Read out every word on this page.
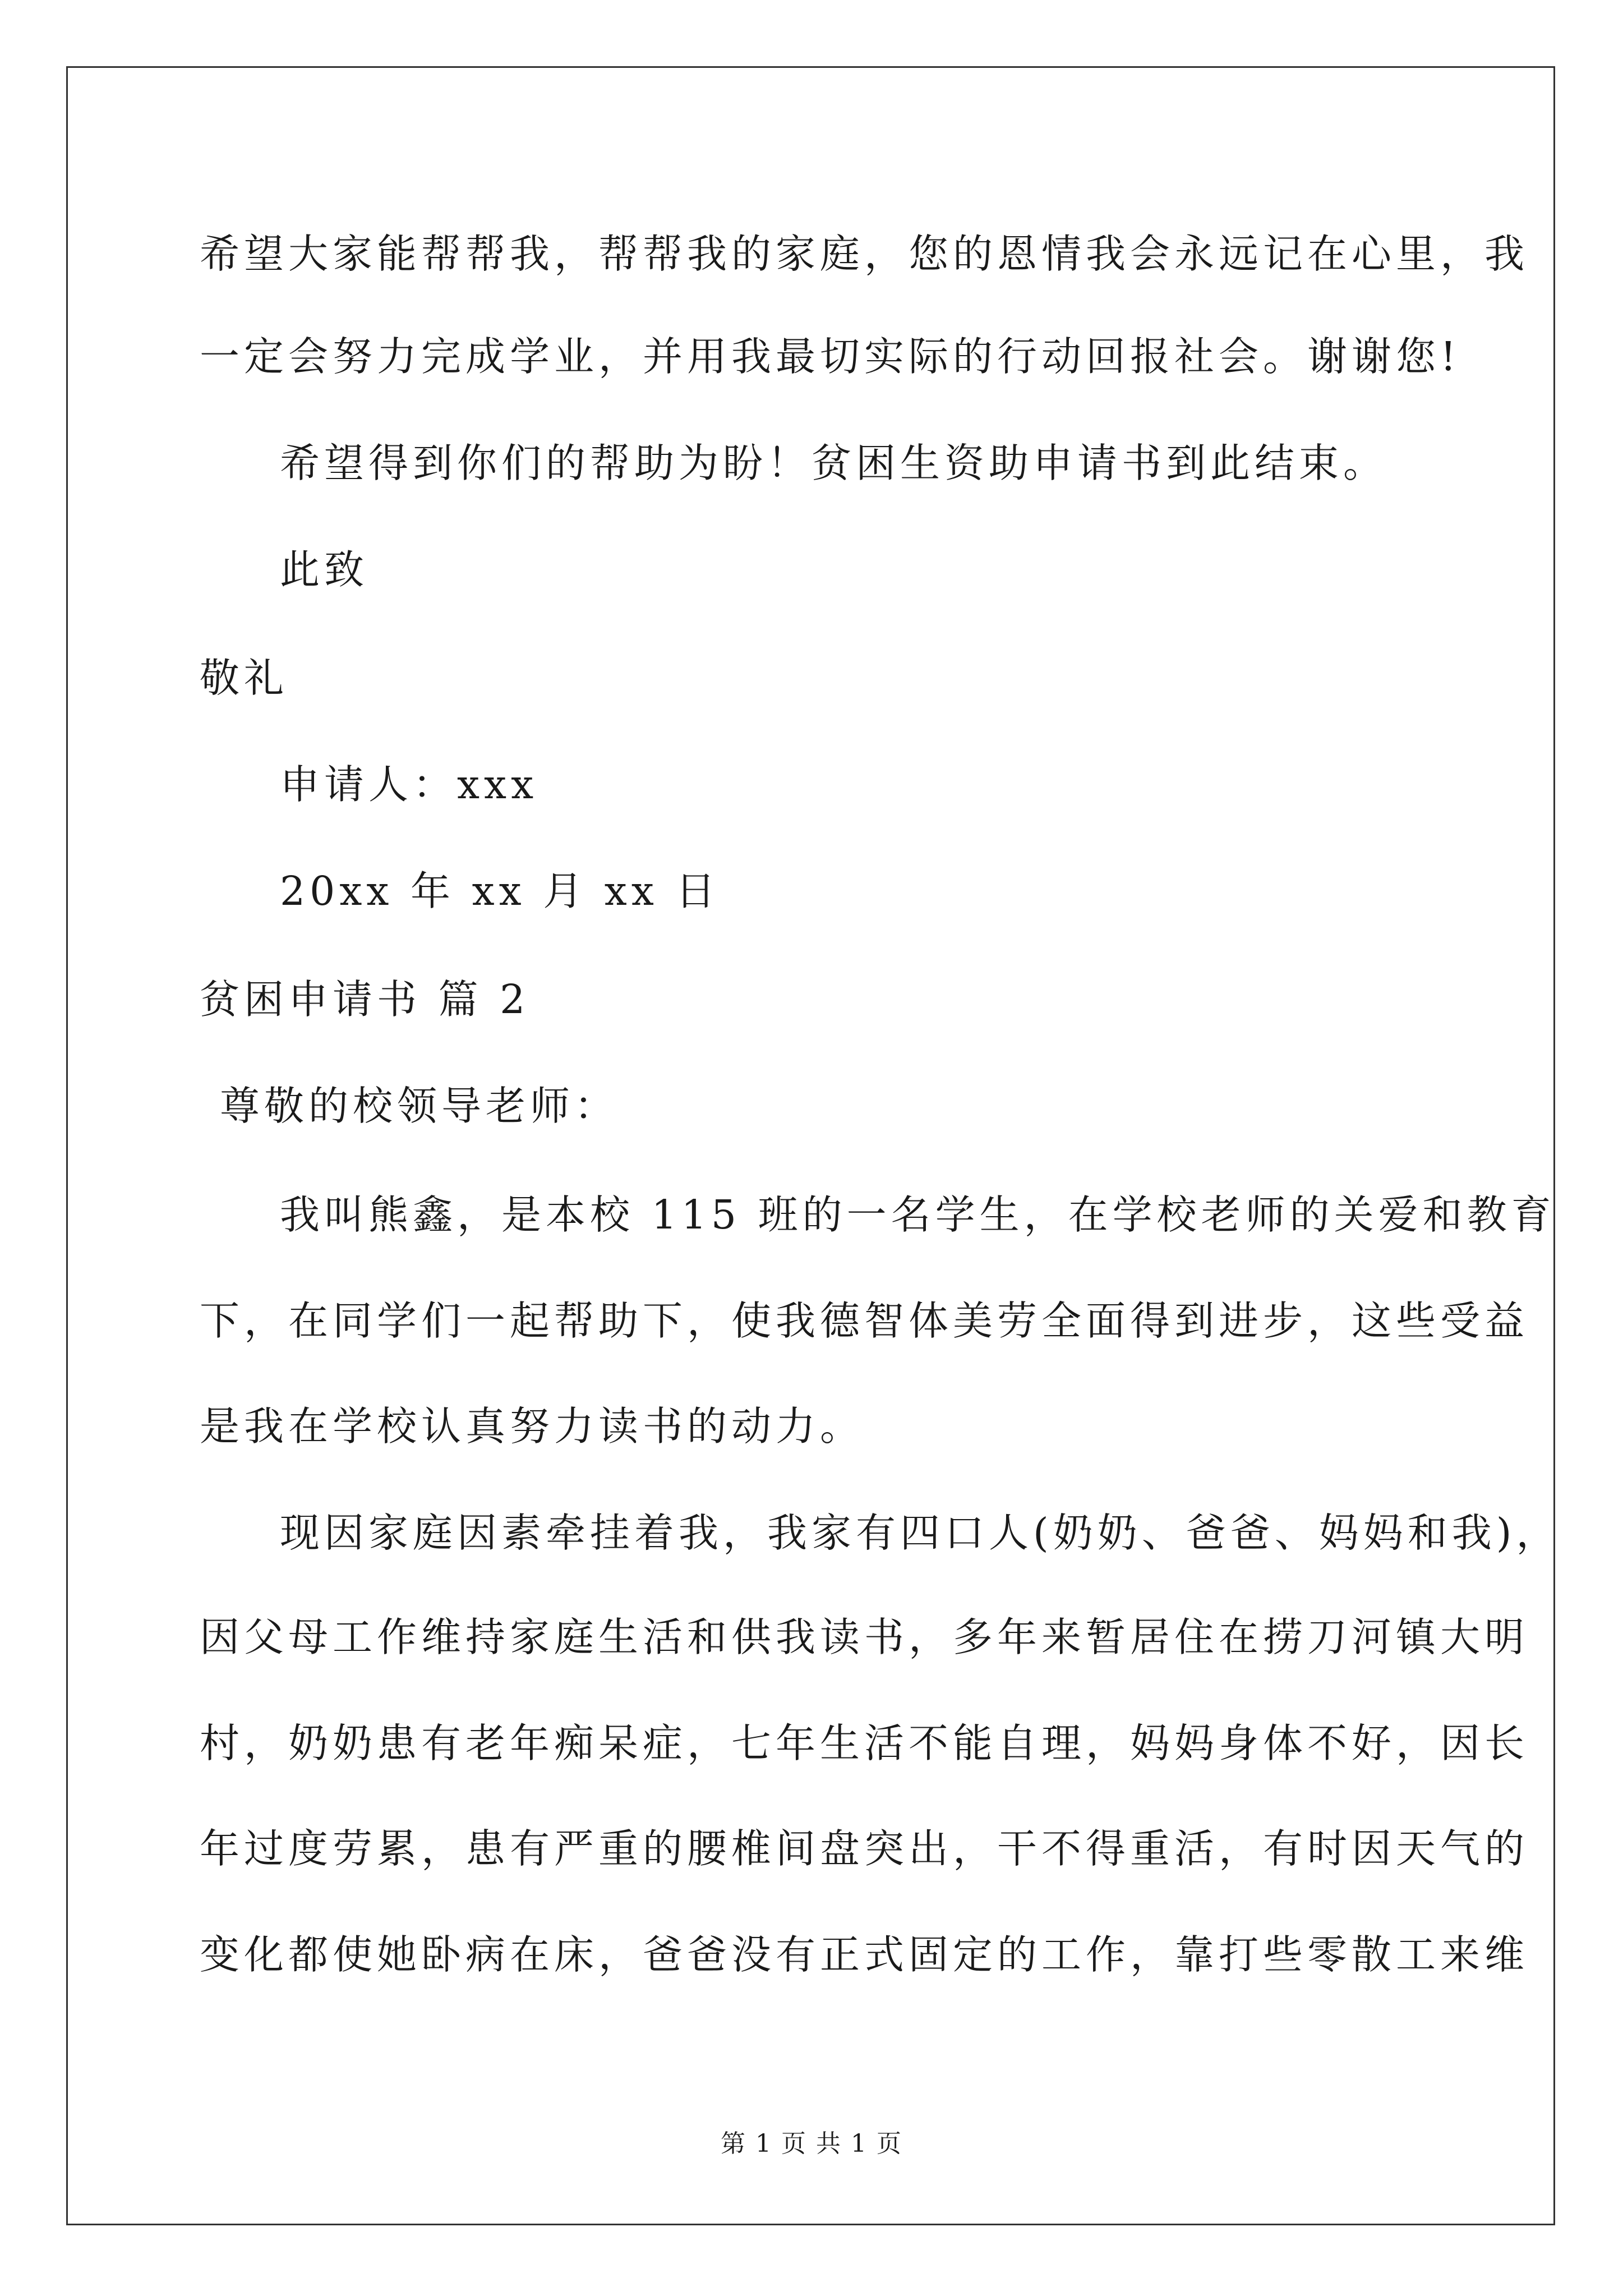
希望大家能帮帮我，帮帮我的家庭，您的恩情我会永远记在心里，我
一定会努力完成学业，并用我最切实际的行动回报社会。谢谢您!
希望得到你们的帮助为盼！贫困生资助申请书到此结束。
此致
敬礼
申请人：xxx
20xx 年 xx 月 xx 日
贫困申请书 篇 2
尊敬的校领导老师：
我叫熊鑫，是本校 115 班的一名学生，在学校老师的关爱和教育
下，在同学们一起帮助下，使我德智体美劳全面得到进步，这些受益
是我在学校认真努力读书的动力。
现因家庭因素牵挂着我，我家有四口人(奶奶、爸爸、妈妈和我)，
因父母工作维持家庭生活和供我读书，多年来暂居住在捞刀河镇大明
村，奶奶患有老年痴呆症，七年生活不能自理，妈妈身体不好，因长
年过度劳累，患有严重的腰椎间盘突出，干不得重活，有时因天气的
变化都使她卧病在床，爸爸没有正式固定的工作，靠打些零散工来维
第 1 页 共 1 页
